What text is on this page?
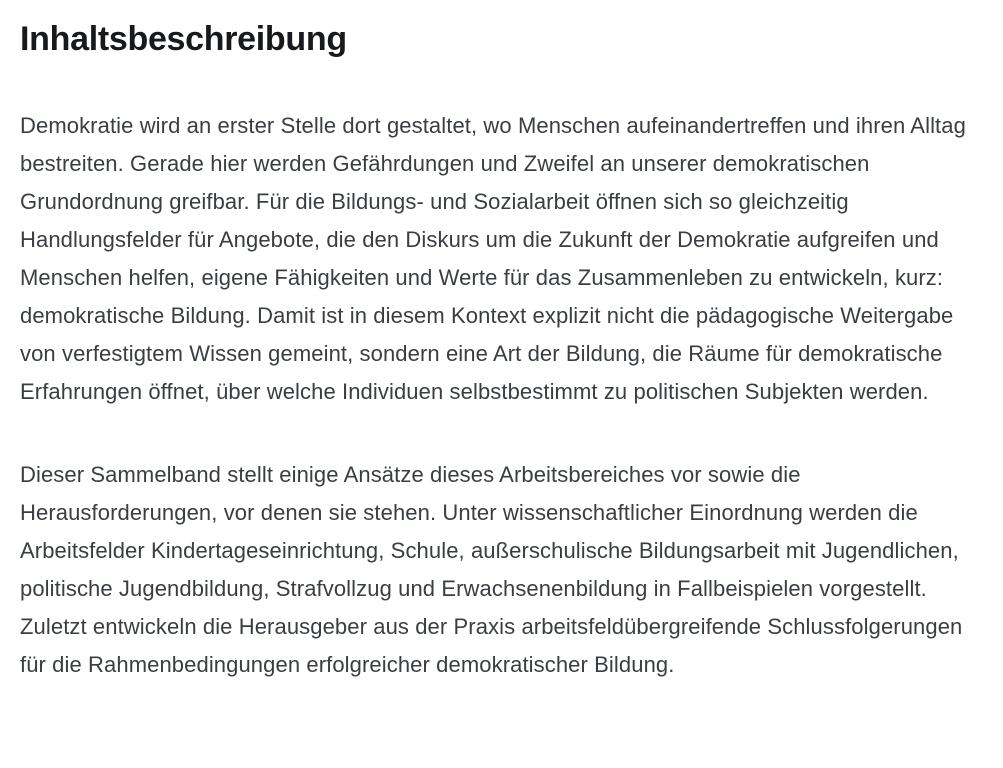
Inhaltsbeschreibung

Demokratie wird an erster Stelle dort gestaltet, wo Menschen aufeinandertreffen und ihren Alltag bestreiten. Gerade hier werden Gefährdungen und Zweifel an unserer demokratischen Grundordnung greifbar. Für die Bildungs- und Sozialarbeit öffnen sich so gleichzeitig Handlungsfelder für Angebote, die den Diskurs um die Zukunft der Demokratie aufgreifen und Menschen helfen, eigene Fähigkeiten und Werte für das Zusammenleben zu entwickeln, kurz: demokratische Bildung. Damit ist in diesem Kontext explizit nicht die pädagogische Weitergabe von verfestigtem Wissen gemeint, sondern eine Art der Bildung, die Räume für demokratische Erfahrungen öffnet, über welche Individuen selbstbestimmt zu politischen Subjekten werden.

Dieser Sammelband stellt einige Ansätze dieses Arbeitsbereiches vor sowie die Herausforderungen, vor denen sie stehen. Unter wissenschaftlicher Einordnung werden die Arbeitsfelder Kindertageseinrichtung, Schule, außerschulische Bildungsarbeit mit Jugendlichen, politische Jugendbildung, Strafvollzug und Erwachsenenbildung in Fallbeispielen vorgestellt. Zuletzt entwickeln die Herausgeber aus der Praxis arbeitsfeldübergreifende Schlussfolgerungen für die Rahmenbedingungen erfolgreicher demokratischer Bildung.
